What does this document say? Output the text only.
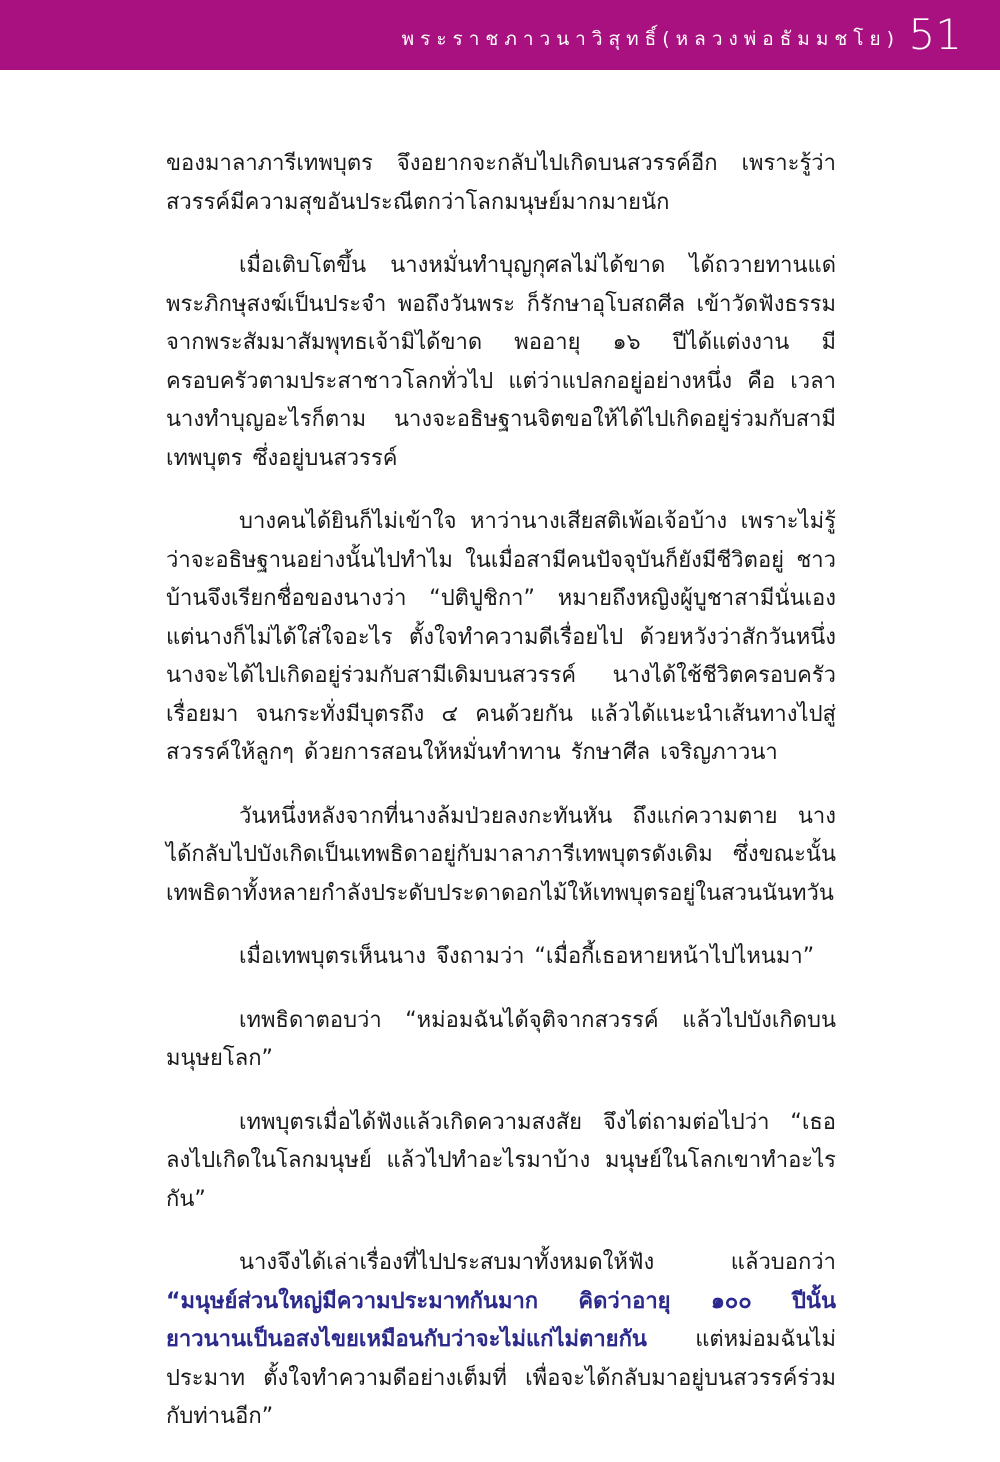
พระราชภาวนาวิสุทธิ์(หลวงพ่อธัมมชโย) 51

ของมาลาภารีเทพบุตร จึงอยากจะกลับไปเกิดบนสวรรค์อีก เพราะรู้ว่าสวรรค์มีความสุขอันประณีตกว่าโลกมนุษย์มากมายนัก

เมื่อเติบโตขึ้น นางหมั่นทำบุญกุศลไม่ได้ขาด ได้ถวายทานแด่พระภิกษุสงฆ์เป็นประจำ พอถึงวันพระ ก็รักษาอุโบสถศีล เข้าวัดฟังธรรมจากพระสัมมาสัมพุทธเจ้ามิได้ขาด พออายุ ๑๖ ปีได้แต่งงาน มีครอบครัวตามประสาชาวโลกทั่วไป แต่ว่าแปลกอยู่อย่างหนึ่ง คือ เวลานางทำบุญอะไรก็ตาม นางจะอธิษฐานจิตขอให้ได้ไปเกิดอยู่ร่วมกับสามีเทพบุตร ซึ่งอยู่บนสวรรค์

บางคนได้ยินก็ไม่เข้าใจ หาว่านางเสียสติเพ้อเจ้อบ้าง เพราะไม่รู้ว่าจะอธิษฐานอย่างนั้นไปทำไม ในเมื่อสามีคนปัจจุบันก็ยังมีชีวิตอยู่ ชาวบ้านจึงเรียกชื่อของนางว่า “ปติปูชิกา” หมายถึงหญิงผู้บูชาสามีนั่นเอง แต่นางก็ไม่ได้ใส่ใจอะไร ตั้งใจทำความดีเรื่อยไป ด้วยหวังว่าสักวันหนึ่งนางจะได้ไปเกิดอยู่ร่วมกับสามีเดิมบนสวรรค์ นางได้ใช้ชีวิตครอบครัวเรื่อยมา จนกระทั่งมีบุตรถึง ๔ คนด้วยกัน แล้วได้แนะนำเส้นทางไปสู่สวรรค์ให้ลูกๆ ด้วยการสอนให้หมั่นทำทาน รักษาศีล เจริญภาวนา

วันหนึ่งหลังจากที่นางล้มป่วยลงกะทันหัน ถึงแก่ความตาย นางได้กลับไปบังเกิดเป็นเทพธิดาอยู่กับมาลาภารีเทพบุตรดังเดิม ซึ่งขณะนั้นเทพธิดาทั้งหลายกำลังประดับประดาดอกไม้ให้เทพบุตรอยู่ในสวนนันทวัน

เมื่อเทพบุตรเห็นนาง จึงถามว่า “เมื่อกี้เธอหายหน้าไปไหนมา”

เทพธิดาตอบว่า “หม่อมฉันได้จุติจากสวรรค์ แล้วไปบังเกิดบนมนุษยโลก”

เทพบุตรเมื่อได้ฟังแล้วเกิดความสงสัย จึงไต่ถามต่อไปว่า “เธอลงไปเกิดในโลกมนุษย์ แล้วไปทำอะไรมาบ้าง มนุษย์ในโลกเขาทำอะไรกัน”

นางจึงได้เล่าเรื่องที่ไปประสบมาทั้งหมดให้ฟัง แล้วบอกว่า “มนุษย์ส่วนใหญ่มีความประมาทกันมาก คิดว่าอายุ ๑๐๐ ปีนั้น ยาวนานเป็นอสงไขยเหมือนกับว่าจะไม่แก่ไม่ตายกัน แต่หม่อมฉันไม่ประมาท ตั้งใจทำความดีอย่างเต็มที่ เพื่อจะได้กลับมาอยู่บนสวรรค์ร่วมกับท่านอีก”
